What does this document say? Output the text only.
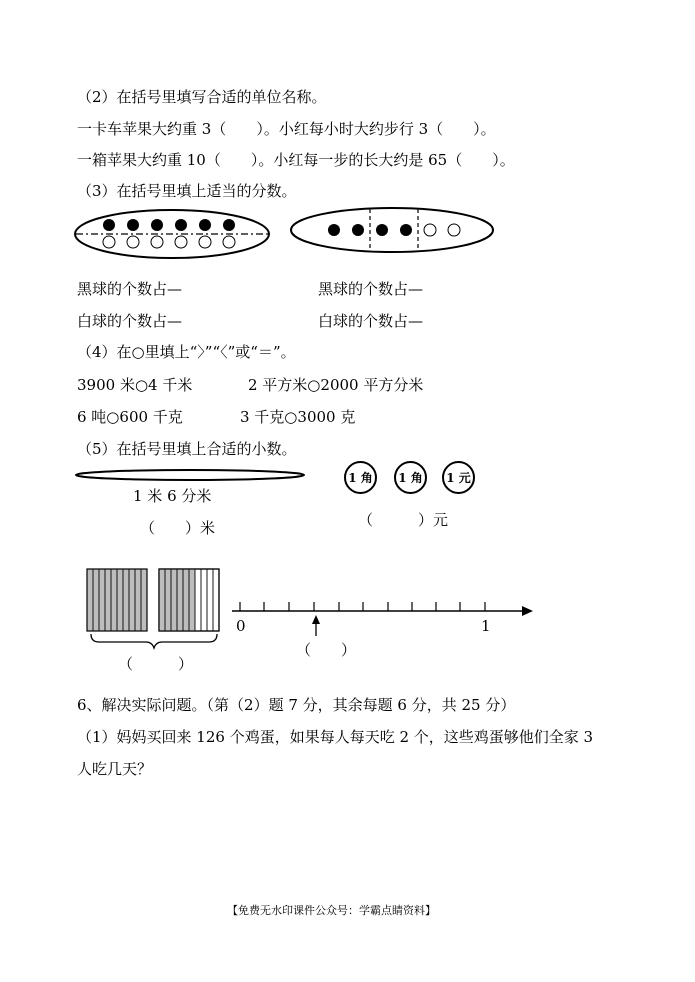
（2）在括号里填写合适的单位名称。
一卡车苹果大约重 3（　　）。小红每小时大约步行 3（　　）。
一箱苹果大约重 10（　　）。小红每一步的长大约是 65（　　）。
（3）在括号里填上适当的分数。
黑球的个数占—
白球的个数占—
黑球的个数占—
白球的个数占—
（4）在○里填上“〉”“〈”或“＝”。
3900 米○4 千米	2 平方米○2000 平方分米
6 吨○600 千克	3 千克○3000 克
（5）在括号里填上合适的小数。
1 米 6 分米
（　　）米
1 角	1 角	1 元
（　　　）元
（　　　）
0	1
（　　）
6、解决实际问题。（第（2）题 7 分，其余每题 6 分，共 25 分）
（1）妈妈买回来 126 个鸡蛋，如果每人每天吃 2 个，这些鸡蛋够他们全家 3
人吃几天？
【免费无水印课件公众号：学霸点睛资料】
